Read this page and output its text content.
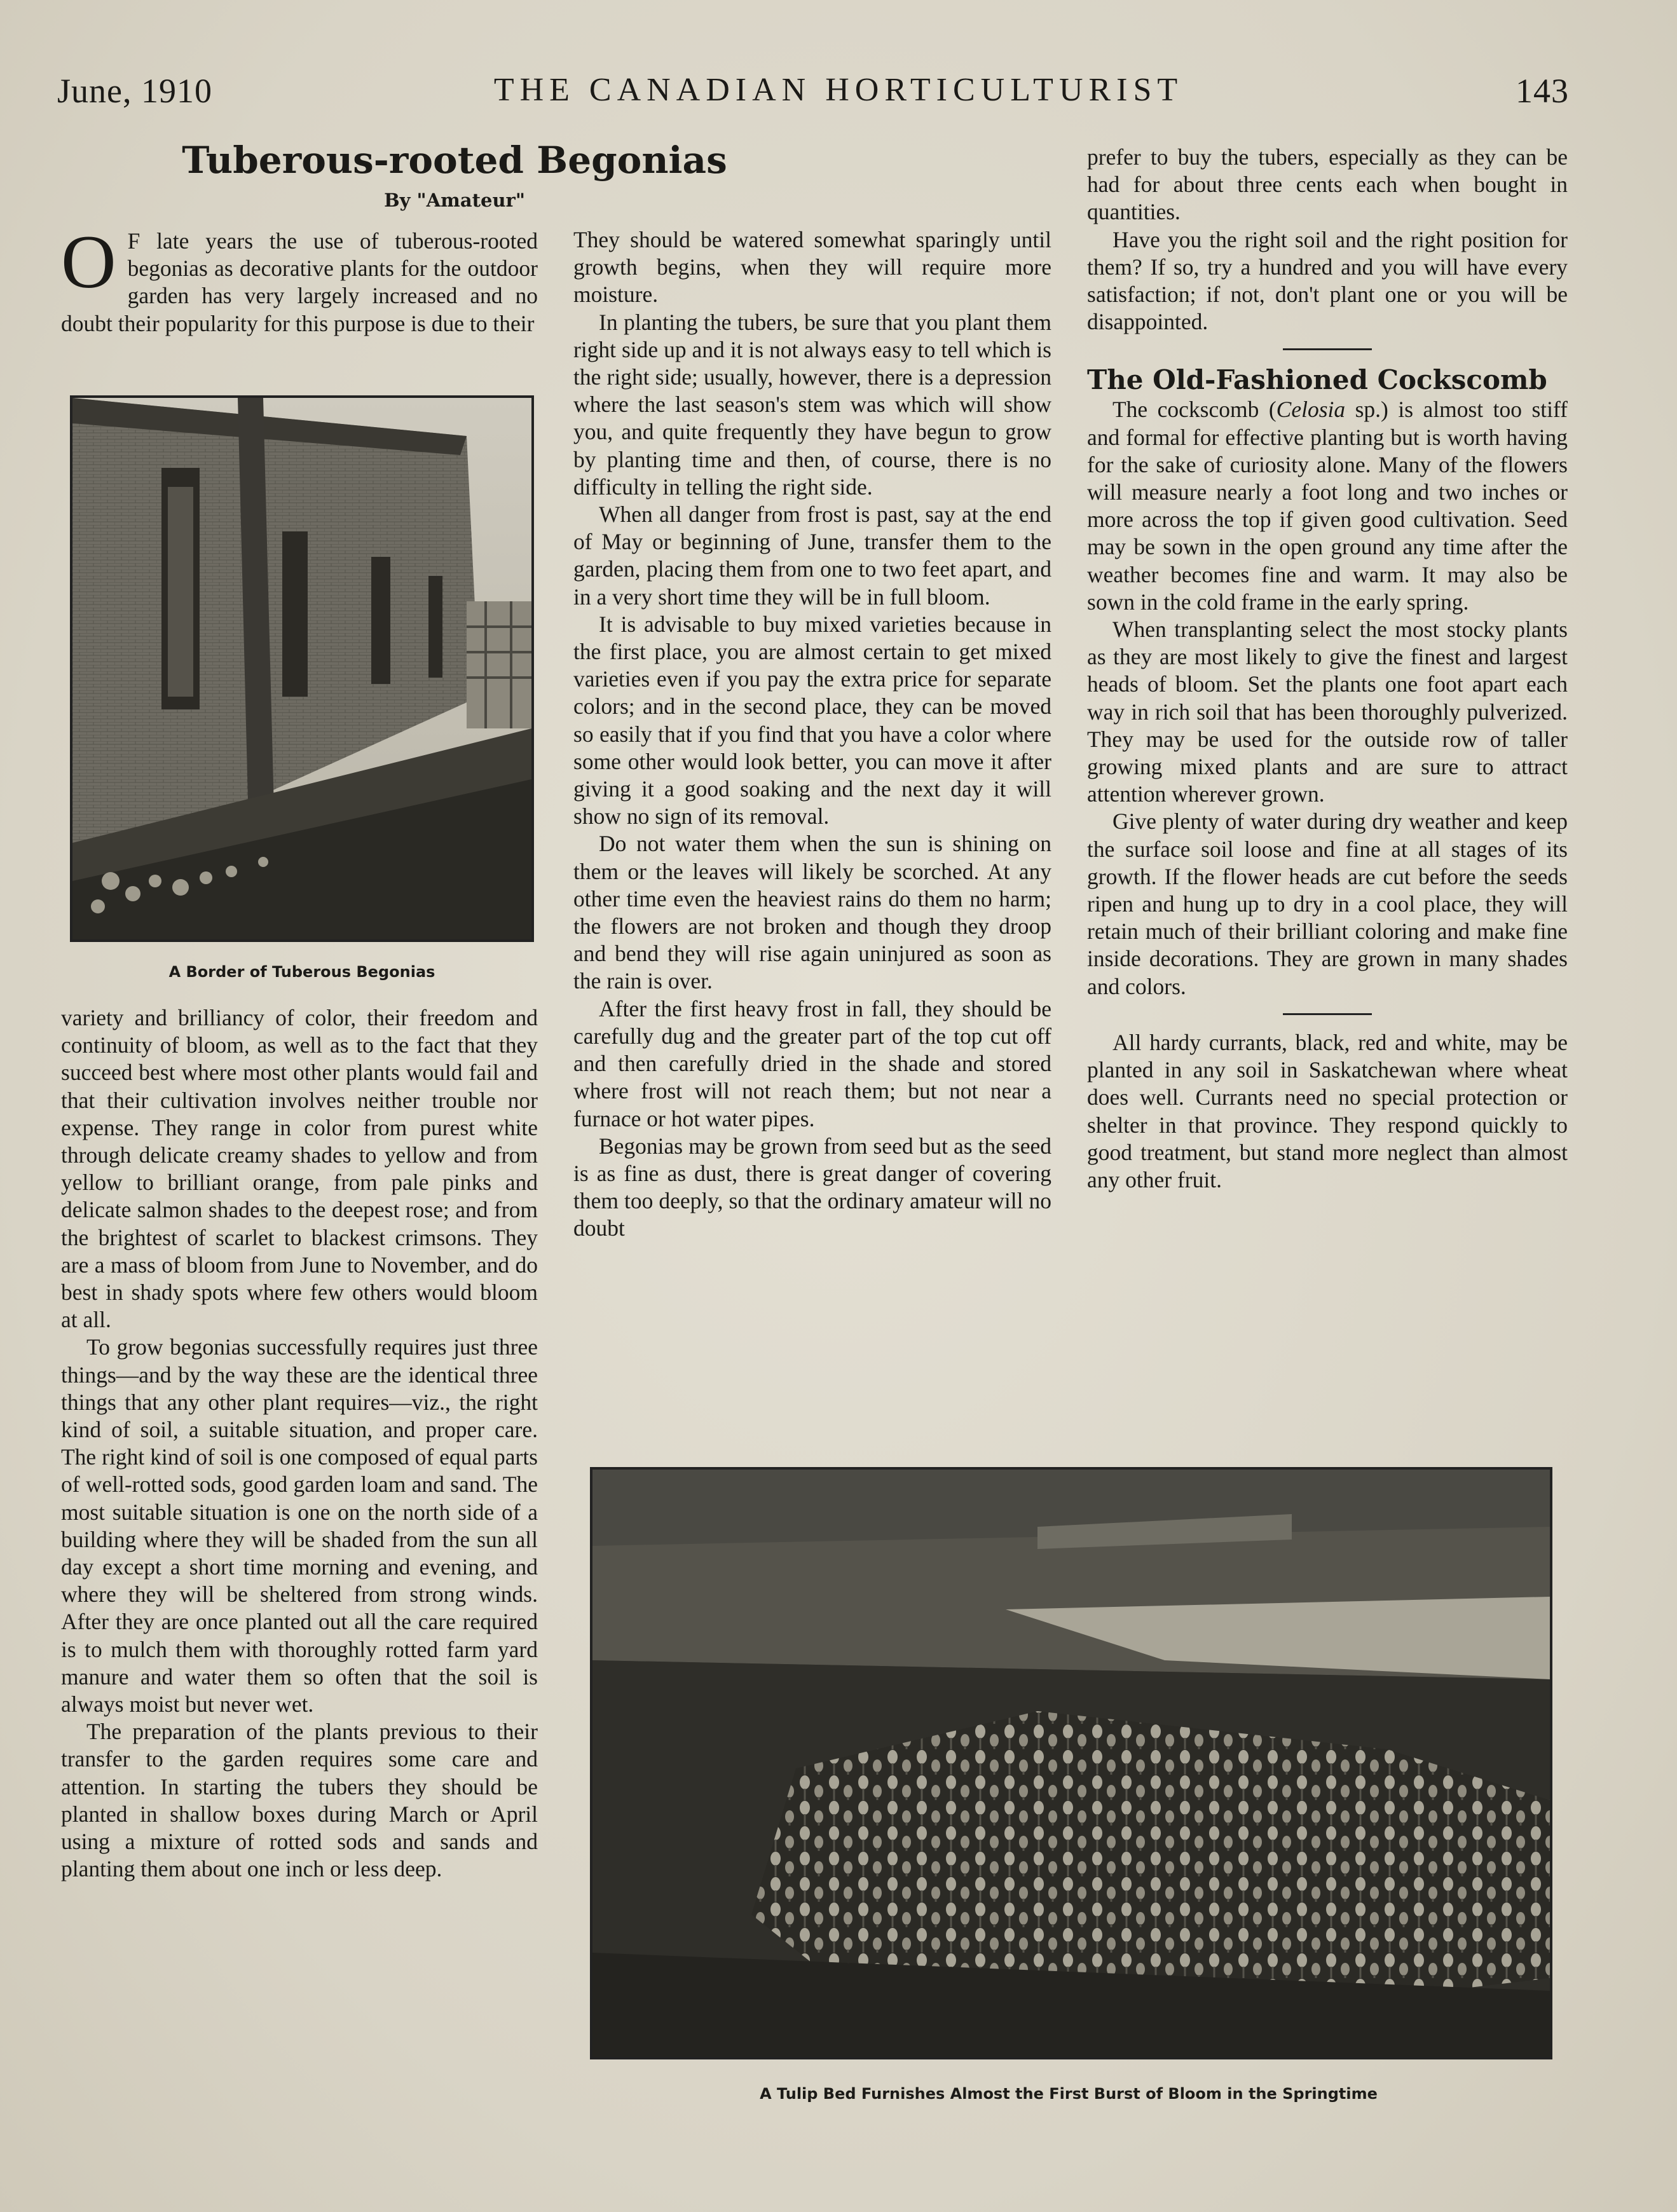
June, 1910	THE CANADIAN HORTICULTURIST	143
Tuberous-rooted Begonias
By "Amateur"

O F late years the use of tuberous-rooted begonias as decorative plants for the outdoor garden has very largely increased and no doubt their popularity for this purpose is due to their

A Border of Tuberous Begonias

variety and brilliancy of color, their freedom and continuity of bloom, as well as to the fact that they succeed best where most other plants would fail and that their cultivation involves neither trouble nor expense. They range in color from purest white through delicate creamy shades to yellow and from yellow to brilliant orange, from pale pinks and delicate salmon shades to the deepest rose; and from the brightest of scarlet to blackest crimsons. They are a mass of bloom from June to November, and do best in shady spots where few others would bloom at all.

To grow begonias successfully requires just three things—and by the way these are the identical three things that any other plant requires—viz., the right kind of soil, a suitable situation, and proper care. The right kind of soil is one composed of equal parts of well-rotted sods, good garden loam and sand. The most suitable situation is one on the north side of a building where they will be shaded from the sun all day except a short time morning and evening, and where they will be sheltered from strong winds. After they are once planted out all the care required is to mulch them with thoroughly rotted farm yard manure and water them so often that the soil is always moist but never wet.

The preparation of the plants previous to their transfer to the garden requires some care and attention. In starting the tubers they should be planted in shallow boxes during March or April using a mixture of rotted sods and sands and planting them about one inch or less deep.

They should be watered somewhat sparingly until growth begins, when they will require more moisture.

In planting the tubers, be sure that you plant them right side up and it is not always easy to tell which is the right side; usually, however, there is a depression where the last season's stem was which will show you, and quite frequently they have begun to grow by planting time and then, of course, there is no difficulty in telling the right side.

When all danger from frost is past, say at the end of May or beginning of June, transfer them to the garden, placing them from one to two feet apart, and in a very short time they will be in full bloom.

It is advisable to buy mixed varieties because in the first place, you are almost certain to get mixed varieties even if you pay the extra price for separate colors; and in the second place, they can be moved so easily that if you find that you have a color where some other would look better, you can move it after giving it a good soaking and the next day it will show no sign of its removal.

Do not water them when the sun is shining on them or the leaves will likely be scorched. At any other time even the heaviest rains do them no harm; the flowers are not broken and though they droop and bend they will rise again uninjured as soon as the rain is over.

After the first heavy frost in fall, they should be carefully dug and the greater part of the top cut off and then carefully dried in the shade and stored where frost will not reach them; but not near a furnace or hot water pipes.

Begonias may be grown from seed but as the seed is as fine as dust, there is great danger of covering them too deeply, so that the ordinary amateur will no doubt

prefer to buy the tubers, especially as they can be had for about three cents each when bought in quantities.

Have you the right soil and the right position for them? If so, try a hundred and you will have every satisfaction; if not, don't plant one or you will be disappointed.

The Old-Fashioned Cockscomb

The cockscomb (Celosia sp.) is almost too stiff and formal for effective planting but is worth having for the sake of curiosity alone. Many of the flowers will measure nearly a foot long and two inches or more across the top if given good cultivation. Seed may be sown in the open ground any time after the weather becomes fine and warm. It may also be sown in the cold frame in the early spring.

When transplanting select the most stocky plants as they are most likely to give the finest and largest heads of bloom. Set the plants one foot apart each way in rich soil that has been thoroughly pulverized. They may be used for the outside row of taller growing mixed plants and are sure to attract attention wherever grown.

Give plenty of water during dry weather and keep the surface soil loose and fine at all stages of its growth. If the flower heads are cut before the seeds ripen and hung up to dry in a cool place, they will retain much of their brilliant coloring and make fine inside decorations. They are grown in many shades and colors.

All hardy currants, black, red and white, may be planted in any soil in Saskatchewan where wheat does well. Currants need no special protection or shelter in that province. They respond quickly to good treatment, but stand more neglect than almost any other fruit.

A Tulip Bed Furnishes Almost the First Burst of Bloom in the Springtime
